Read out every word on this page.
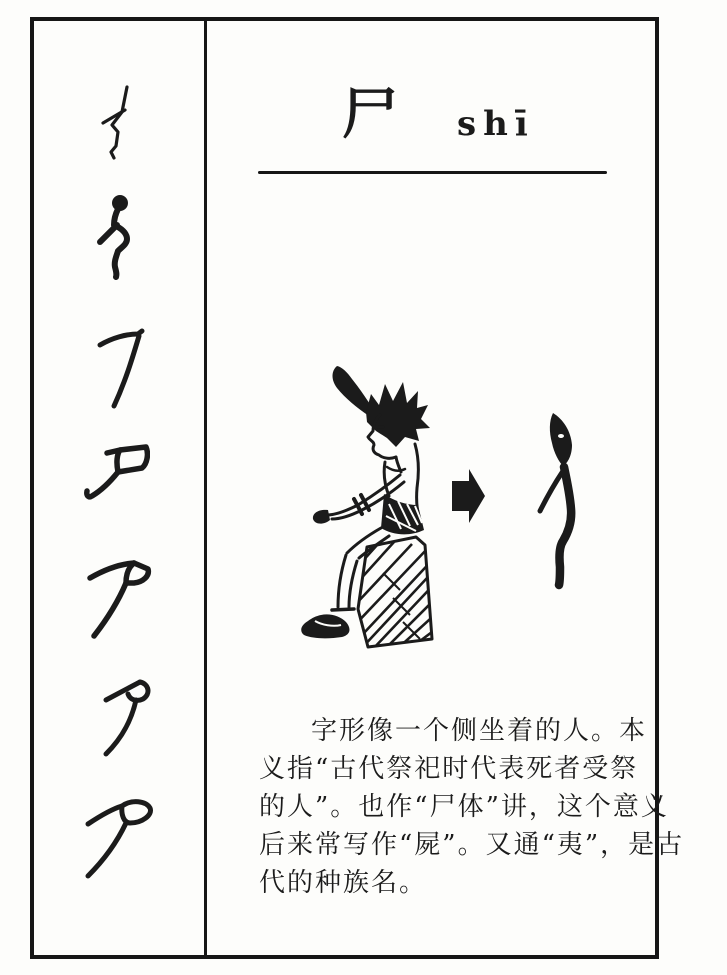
尸 shī
字形像一个侧坐着的人。本
义指“古代祭祀时代表死者受祭
的人”。也作“尸体”讲，这个意义
后来常写作“屍”。又通“夷”，是古
代的种族名。
